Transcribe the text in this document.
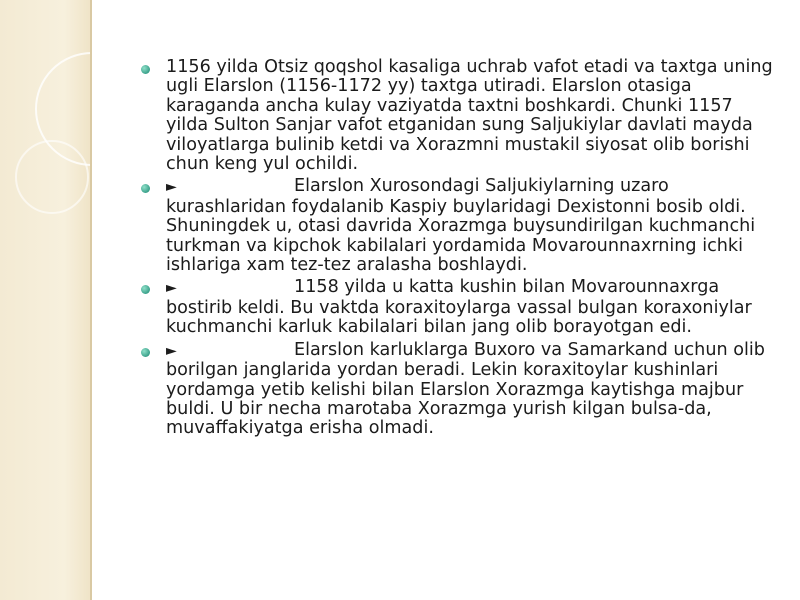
1156 yilda Otsiz qoqshol kasaliga uchrab vafot etadi va taxtga uning ugli Elarslon (1156-1172 yy) taxtga utiradi. Elarslon otasiga karaganda ancha kulay vaziyatda taxtni boshkardi. Chunki 1157 yilda Sulton Sanjar vafot etganidan sung Saljukiylar davlati mayda viloyatlarga bulinib ketdi va Xorazmni mustakil siyosat olib borishi chun keng yul ochildi.
►	Elarslon Xurosondagi Saljukiylarning uzaro kurashlaridan foydalanib Kaspiy buylaridagi Dexistonni bosib oldi. Shuningdek u, otasi davrida Xorazmga buysundirilgan kuchmanchi turkman va kipchok kabilalari yordamida Movarounnaxrning ichki ishlariga xam tez-tez aralasha boshlaydi.
►	1158 yilda u katta kushin bilan Movarounnaxrga bostirib keldi. Bu vaktda koraxitoylarga vassal bulgan koraxoniylar kuchmanchi karluk kabilalari bilan jang olib borayotgan edi.
►	Elarslon karluklarga Buxoro va Samarkand uchun olib borilgan janglarida yordan beradi. Lekin koraxitoylar kushinlari yordamga yetib kelishi bilan Elarslon Xorazmga kaytishga majbur buldi. U bir necha marotaba Xorazmga yurish kilgan bulsa-da, muvaffakiyatga erisha olmadi.
